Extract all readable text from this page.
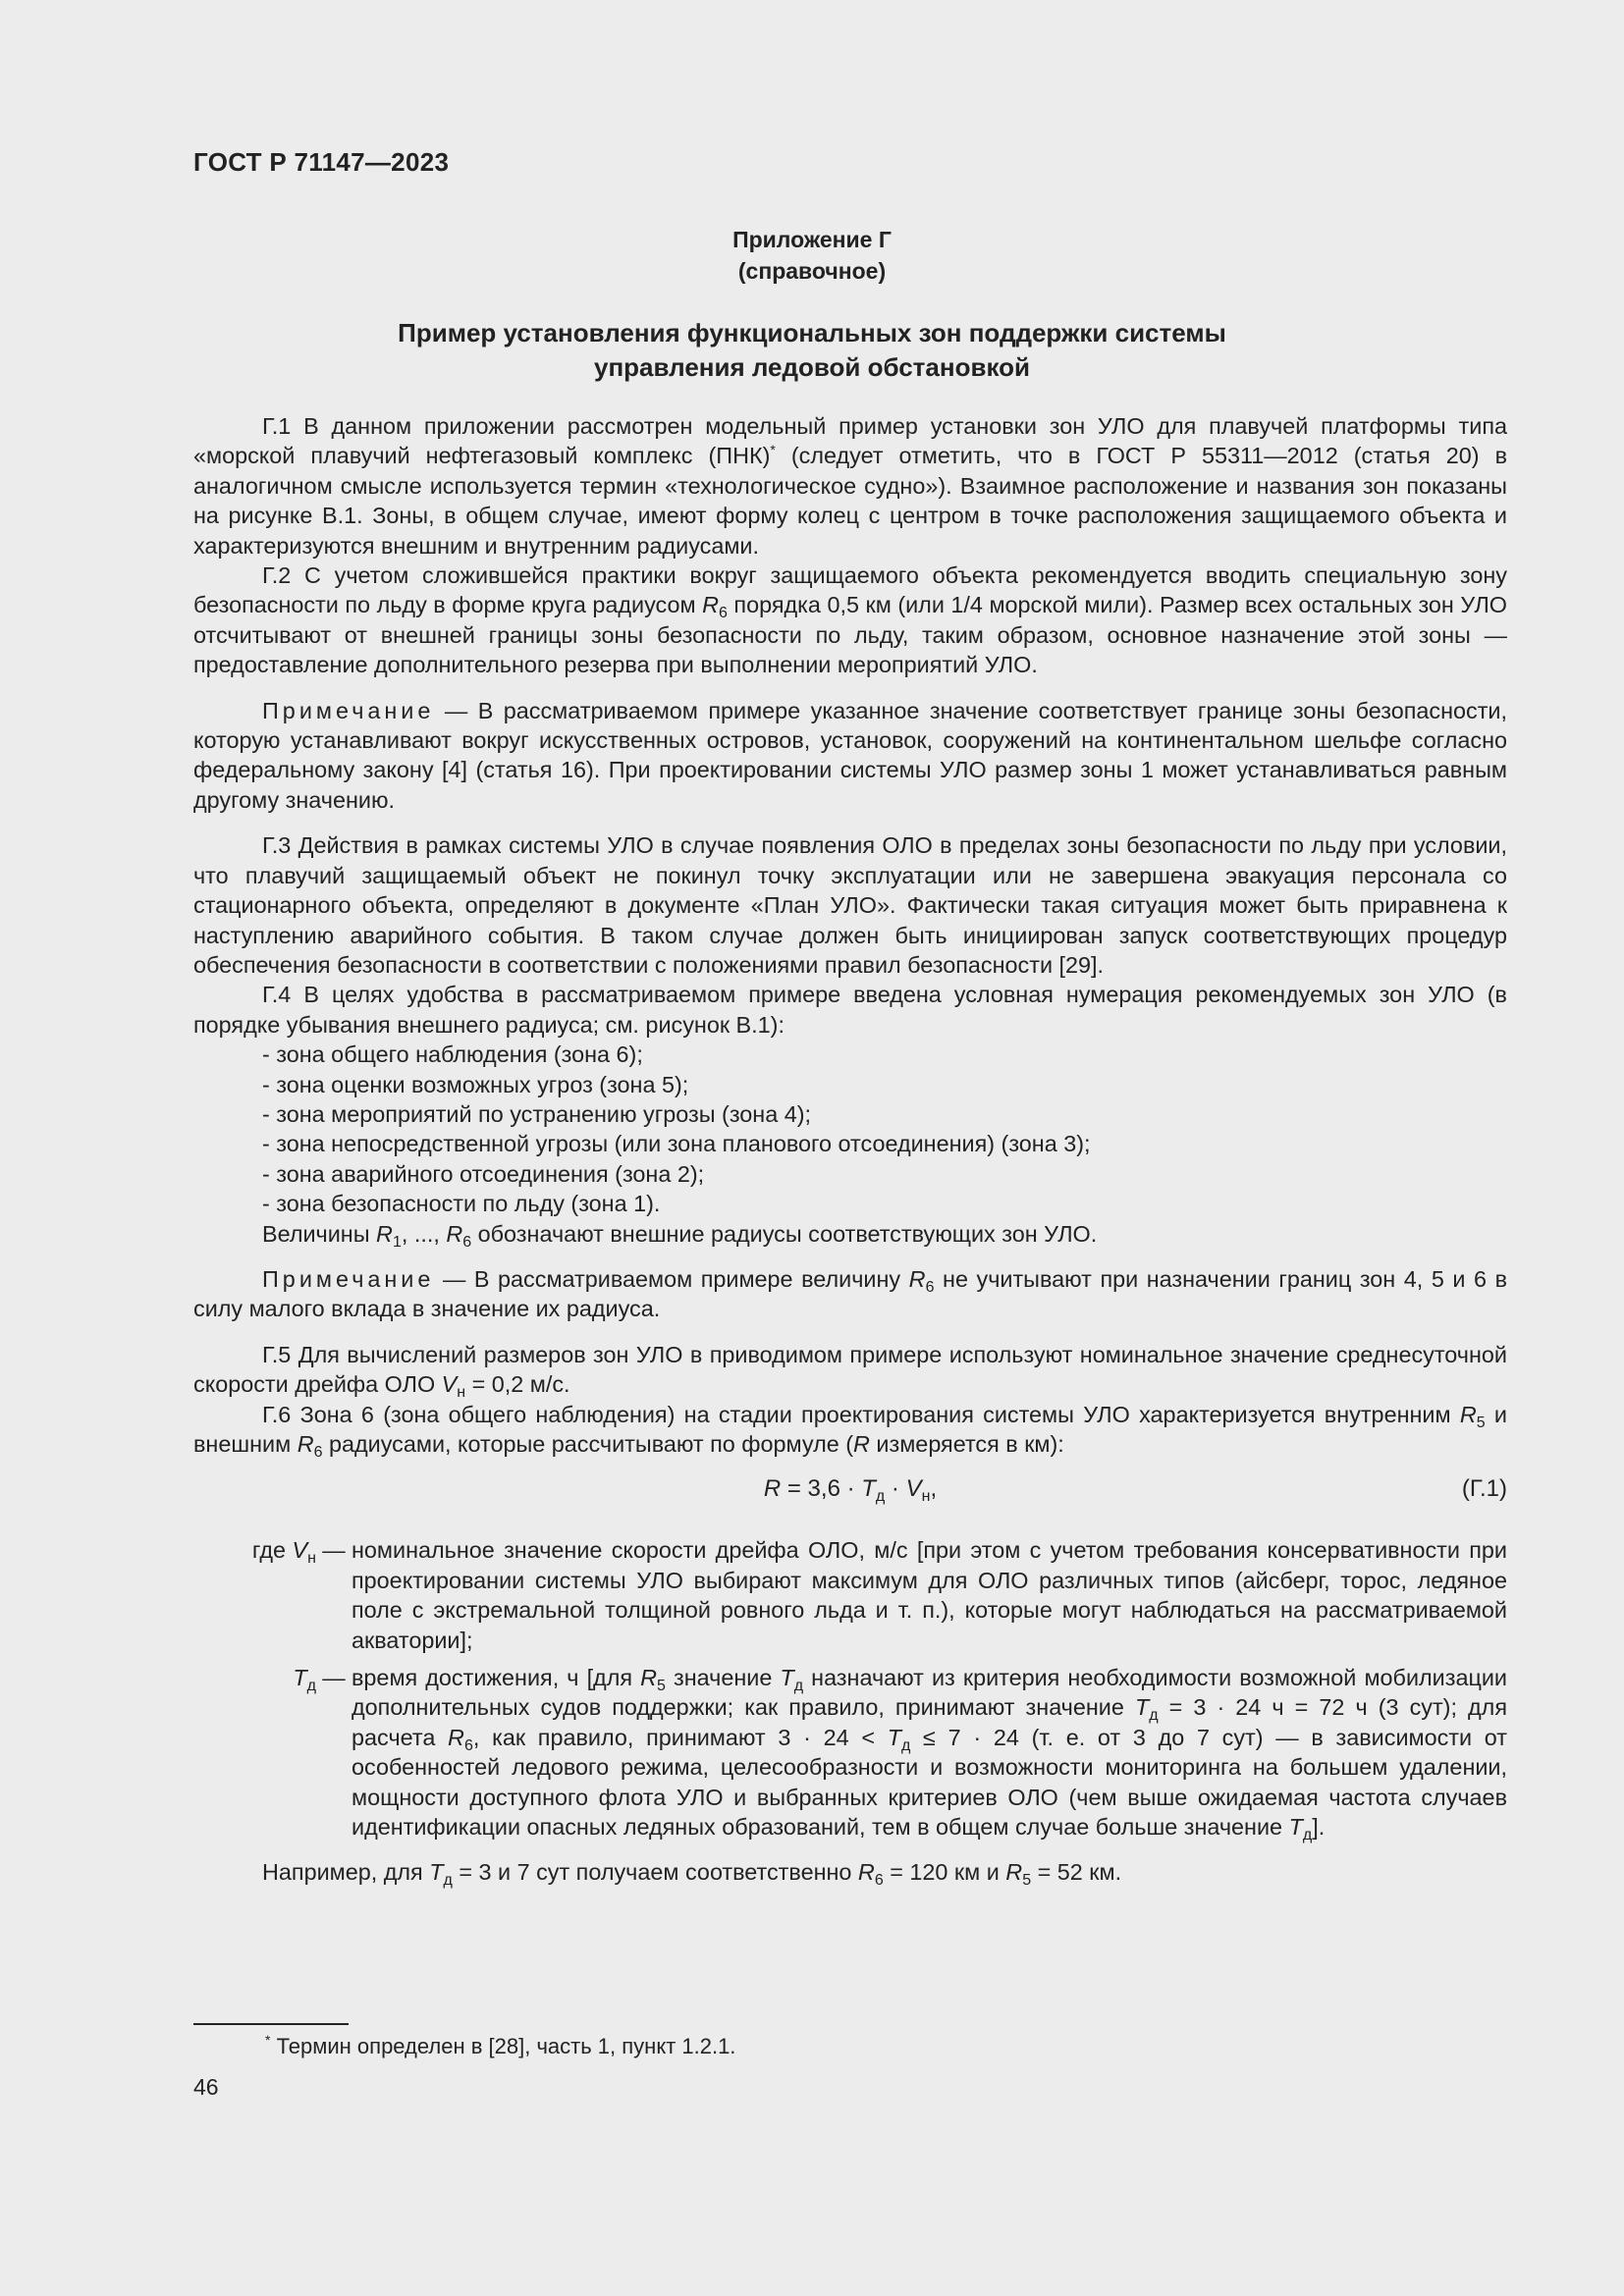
ГОСТ Р 71147—2023
Приложение Г
(справочное)
Пример установления функциональных зон поддержки системы
управления ледовой обстановкой

Г.1 В данном приложении рассмотрен модельный пример установки зон УЛО для плавучей платформы типа «морской плавучий нефтегазовый комплекс (ПНК)* (следует отметить, что в ГОСТ Р 55311—2012 (статья 20) в аналогичном смысле используется термин «технологическое судно»). Взаимное расположение и названия зон показаны на рисунке В.1. Зоны, в общем случае, имеют форму колец с центром в точке расположения защищаемого объекта и характеризуются внешним и внутренним радиусами.

Г.2 С учетом сложившейся практики вокруг защищаемого объекта рекомендуется вводить специальную зону безопасности по льду в форме круга радиусом $R_6$ порядка 0,5 км (или 1/4 морской мили). Размер всех остальных зон УЛО отсчитывают от внешней границы зоны безопасности по льду, таким образом, основное назначение этой зоны — предоставление дополнительного резерва при выполнении мероприятий УЛО.

Примечание — В рассматриваемом примере указанное значение соответствует границе зоны безопасности, которую устанавливают вокруг искусственных островов, установок, сооружений на континентальном шельфе согласно федеральному закону [4] (статья 16). При проектировании системы УЛО размер зоны 1 может устанавливаться равным другому значению.

Г.3 Действия в рамках системы УЛО в случае появления ОЛО в пределах зоны безопасности по льду при условии, что плавучий защищаемый объект не покинул точку эксплуатации или не завершена эвакуация персонала со стационарного объекта, определяют в документе «План УЛО». Фактически такая ситуация может быть приравнена к наступлению аварийного события. В таком случае должен быть инициирован запуск соответствующих процедур обеспечения безопасности в соответствии с положениями правил безопасности [29].

Г.4 В целях удобства в рассматриваемом примере введена условная нумерация рекомендуемых зон УЛО (в порядке убывания внешнего радиуса; см. рисунок В.1):

- зона общего наблюдения (зона 6);
- зона оценки возможных угроз (зона 5);
- зона мероприятий по устранению угрозы (зона 4);
- зона непосредственной угрозы (или зона планового отсоединения) (зона 3);
- зона аварийного отсоединения (зона 2);
- зона безопасности по льду (зона 1).

Величины $R_1$, ..., $R_6$ обозначают внешние радиусы соответствующих зон УЛО.

Примечание — В рассматриваемом примере величину $R_6$ не учитывают при назначении границ зон 4, 5 и 6 в силу малого вклада в значение их радиуса.

Г.5 Для вычислений размеров зон УЛО в приводимом примере используют номинальное значение среднесуточной скорости дрейфа ОЛО $V_н = 0,2$ м/с.

Г.6 Зона 6 (зона общего наблюдения) на стадии проектирования системы УЛО характеризуется внутренним $R_5$ и внешним $R_6$ радиусами, которые рассчитывают по формуле (R измеряется в км):

$R = 3,6 \cdot T_д \cdot V_н$,	(Г.1)
где $V_н$ — номинальное значение скорости дрейфа ОЛО, м/с [при этом с учетом требования консервативности при проектировании системы УЛО выбирают максимум для ОЛО различных типов (айсберг, торос, ледяное поле с экстремальной толщиной ровного льда и т. п.), которые могут наблюдаться на рассматриваемой акватории];
$T_д$ — время достижения, ч [для $R_5$ значение $T_д$ назначают из критерия необходимости возможной мобилизации дополнительных судов поддержки; как правило, принимают значение $T_д = 3 \cdot 24$ ч = 72 ч (3 сут); для расчета $R_6$, как правило, принимают $3 \cdot 24 < T_д \le 7 \cdot 24$ (т. е. от 3 до 7 сут) — в зависимости от особенностей ледового режима, целесообразности и возможности мониторинга на большем удалении, мощности доступного флота УЛО и выбранных критериев ОЛО (чем выше ожидаемая частота случаев идентификации опасных ледяных образований, тем в общем случае больше значение $T_д$].

Например, для $T_д = 3$ и 7 сут получаем соответственно $R_6 = 120$ км и $R_5 = 52$ км.

* Термин определен в [28], часть 1, пункт 1.2.1.
46
